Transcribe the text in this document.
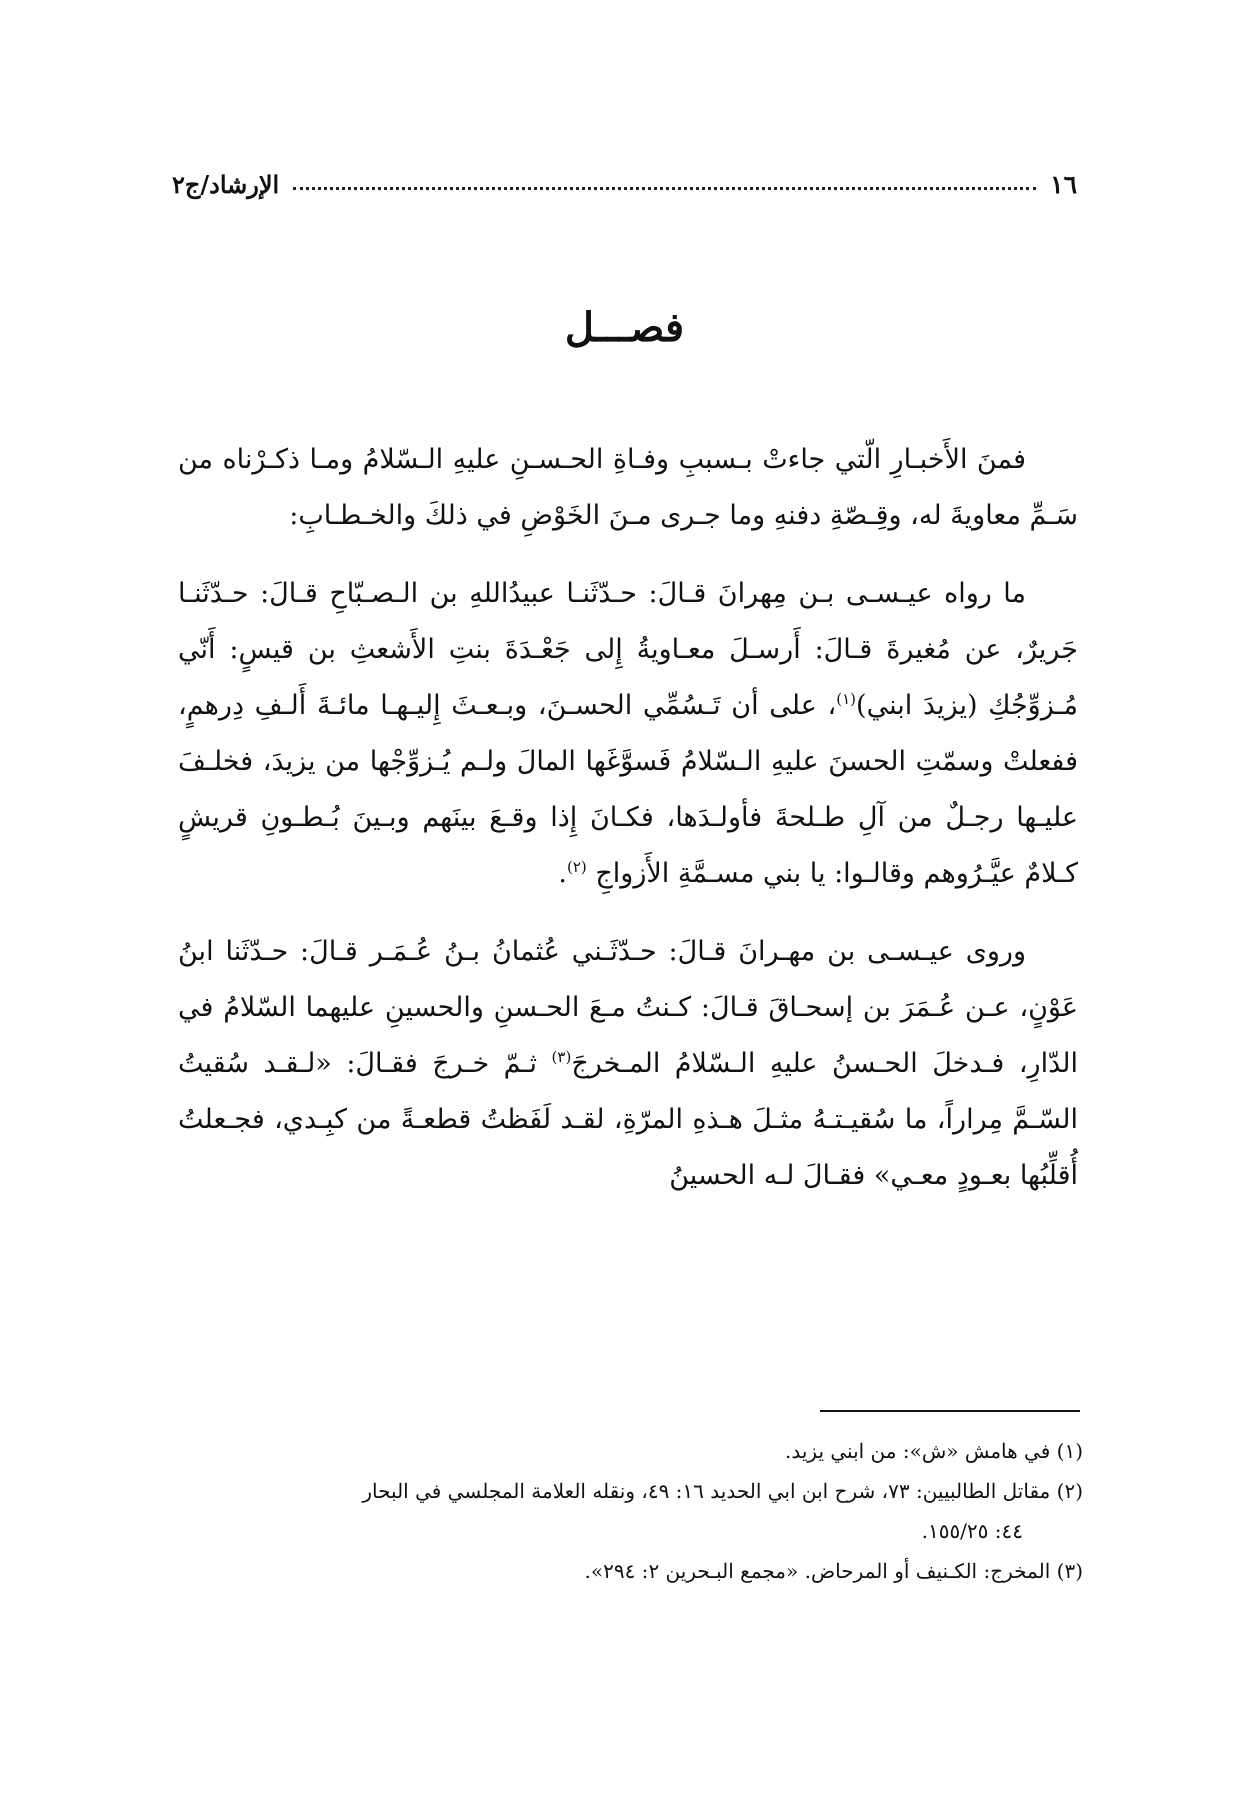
١٦
الإرشاد/ج٢
فصـــل

فمنَ الأَخبـارِ الّتي جاءتْ بـسببِ وفـاةِ الحـسـنِ عليهِ الـسّلامُ ومـا ذكـرْناه من سَـمِّ معاويةَ له، وقِـصّةِ دفنهِ وما جـرى مـنَ الخَوْضِ في ذلكَ والخـطـابِ:

ما رواه عيـسـى بـن مِهرانَ قـالَ: حـدّثَنـا عبيدُاللهِ بن الـصـبّاحِ قـالَ: حـدّثَنـا جَريرٌ، عن مُغيرةَ قـالَ: أَرسـلَ معـاويةُ إِلى جَعْـدَةَ بنتِ الأَشعثِ بن قيسٍ: أَنّي مُـزوِّجُكِ (يزيدَ ابني)$^{(١)}$، على أن تَـسُمِّي الحسـنَ، وبـعـثَ إِليـهـا مائـةَ أَلـفِ دِرهمٍ، ففعلتْ وسمّتِ الحسنَ عليهِ الـسّلامُ فَسوَّغَها المالَ ولـم يُـزوِّجْها من يزيدَ، فخلـفَ عليـها رجـلٌ من آلِ طـلحةَ فأولـدَها، فكـانَ إِذا وقـعَ بينَهم وبـينَ بُـطـونِ قريشٍ كـلامٌ عيَّـرُوهم وقالـوا: يا بني مسـمَّةِ الأَزواجِ $^{(٢)}$.

وروى عيـسـى بن مهـرانَ قـالَ: حـدّثَـني عُثمانُ بـنُ عُـمَـر قـالَ: حـدّثَنا ابنُ عَوْنٍ، عـن عُـمَرَ بن إسحـاقَ قـالَ: كـنتُ مـعَ الحـسنِ والحسينِ عليهما السّلامُ في الدّارِ، فـدخلَ الحـسنُ عليهِ الـسّلامُ المـخرجَ$^{(٣)}$ ثـمّ خـرجَ فقـالَ: «لـقـد سُقيتُ السّـمَّ مِراراً، ما سُقيـتـهُ مثـلَ هـذهِ المرّةِ، لقـد لَفَظتُ قطعـةً من كبِـدي، فجـعلتُ أُقلِّبُها بعـودٍ معـي» فقـالَ لـه الحسينُ

(١) في هامش «ش»: من ابني يزيد.
(٢) مقاتل الطالبيين: ٧٣، شرح ابن ابي الحديد ١٦: ٤٩، ونقله العلامة المجلسي في البحار
٤٤: ١٥٥/٢٥.
(٣) المخرج: الكـنيف أو المرحاض. «مجمع البـحرين ٢: ٢٩٤».
